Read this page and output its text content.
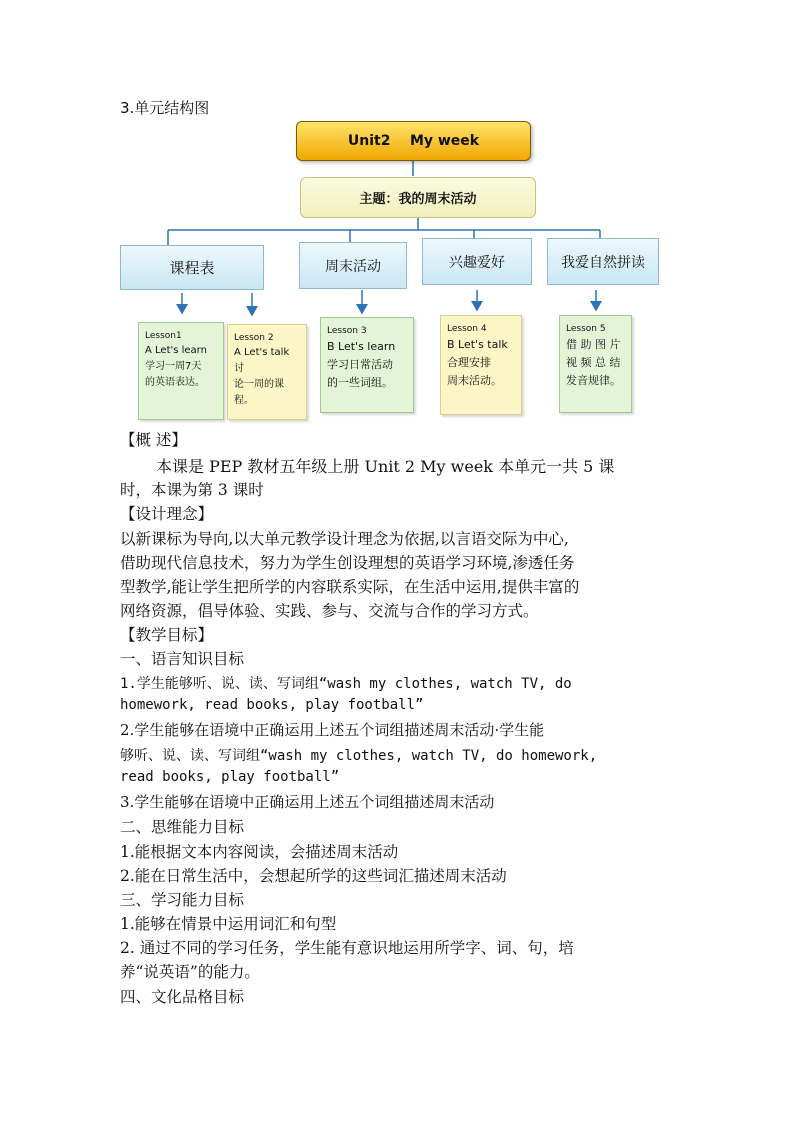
3.单元结构图
Unit2    My week
主题：我的周末活动
课程表	周末活动	兴趣爱好	我爱自然拼读
Lesson1
A Let's learn
学习一周7天
的英语表达。
Lesson 2
A Let's talk 讨
论一周的课
程。
Lesson 3
B Let's learn
学习日常活动
的一些词组。
Lesson 4
B Let's talk
合理安排
周末活动。
Lesson 5
借 助 图 片
视 频 总 结
发音规律。
【概 述】
本课是 PEP 教材五年级上册 Unit 2 My week 本单元一共 5 课
时，本课为第 3 课时
【设计理念】
以新课标为导向,以大单元教学设计理念为依据,以言语交际为中心,
借助现代信息技术，努力为学生创设理想的英语学习环境,渗透任务
型教学,能让学生把所学的内容联系实际，在生活中运用,提供丰富的
网络资源，倡导体验、实践、参与、交流与合作的学习方式。
【教学目标】
一、语言知识目标
1.学生能够听、说、读、写词组“wash my clothes, watch TV, do
homework, read books, play football”
2.学生能够在语境中正确运用上述五个词组描述周末活动·学生能
够听、说、读、写词组“wash my clothes, watch TV, do homework,
read books, play football”
3.学生能够在语境中正确运用上述五个词组描述周末活动
二、思维能力目标
1.能根据文本内容阅读，会描述周末活动
2.能在日常生活中，会想起所学的这些词汇描述周末活动
三、学习能力目标
1.能够在情景中运用词汇和句型
2. 通过不同的学习任务，学生能有意识地运用所学字、词、句，培
养“说英语”的能力。
四、文化品格目标
